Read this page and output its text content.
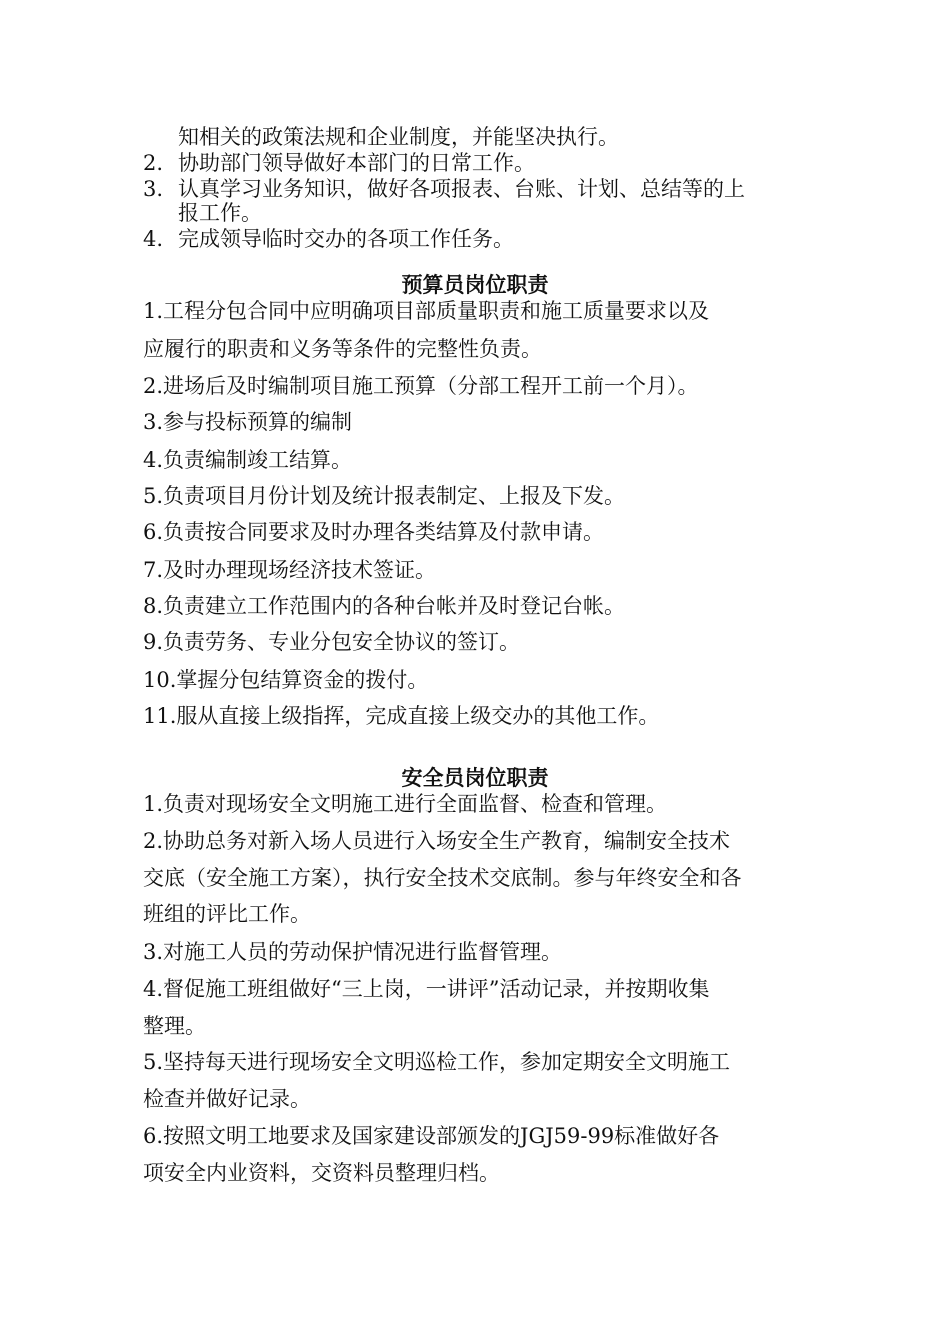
知相关的政策法规和企业制度，并能坚决执行。
2. 协助部门领导做好本部门的日常工作。
3. 认真学习业务知识，做好各项报表、台账、计划、总结等的上
报工作。
4. 完成领导临时交办的各项工作任务。
预算员岗位职责
1.工程分包合同中应明确项目部质量职责和施工质量要求以及
应履行的职责和义务等条件的完整性负责。
2.进场后及时编制项目施工预算（分部工程开工前一个月）。
3.参与投标预算的编制
4.负责编制竣工结算。
5.负责项目月份计划及统计报表制定、上报及下发。
6.负责按合同要求及时办理各类结算及付款申请。
7.及时办理现场经济技术签证。
8.负责建立工作范围内的各种台帐并及时登记台帐。
9.负责劳务、专业分包安全协议的签订。
10.掌握分包结算资金的拨付。
11.服从直接上级指挥，完成直接上级交办的其他工作。
安全员岗位职责
1.负责对现场安全文明施工进行全面监督、检查和管理。
2.协助总务对新入场人员进行入场安全生产教育，编制安全技术
交底（安全施工方案），执行安全技术交底制。参与年终安全和各
班组的评比工作。
3.对施工人员的劳动保护情况进行监督管理。
4.督促施工班组做好“三上岗，一讲评”活动记录，并按期收集
整理。
5.坚持每天进行现场安全文明巡检工作，参加定期安全文明施工
检查并做好记录。
6.按照文明工地要求及国家建设部颁发的JGJ59-99标准做好各
项安全内业资料，交资料员整理归档。
